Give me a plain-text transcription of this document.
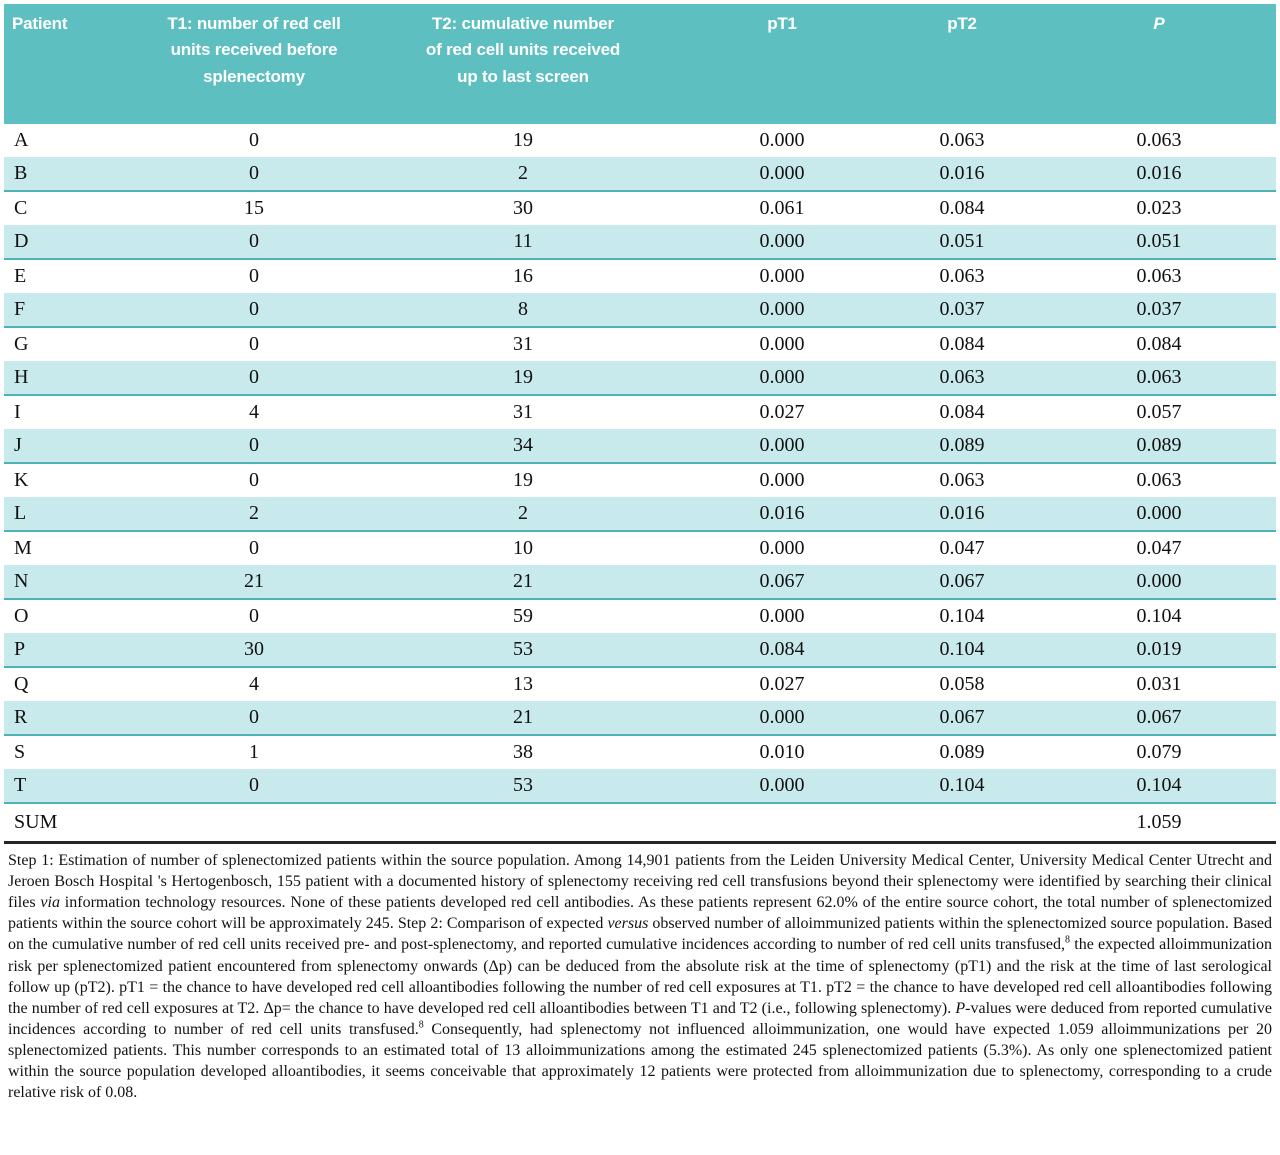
Patient	T1: number of red cell units received before splenectomy	T2: cumulative number of red cell units received up to last screen	pT1	pT2	P

A	0	19	0.000	0.063	0.063
B	0	2	0.000	0.016	0.016
C	15	30	0.061	0.084	0.023
D	0	11	0.000	0.051	0.051
E	0	16	0.000	0.063	0.063
F	0	8	0.000	0.037	0.037
G	0	31	0.000	0.084	0.084
H	0	19	0.000	0.063	0.063
I	4	31	0.027	0.084	0.057
J	0	34	0.000	0.089	0.089
K	0	19	0.000	0.063	0.063
L	2	2	0.016	0.016	0.000
M	0	10	0.000	0.047	0.047
N	21	21	0.067	0.067	0.000
O	0	59	0.000	0.104	0.104
P	30	53	0.084	0.104	0.019
Q	4	13	0.027	0.058	0.031
R	0	21	0.000	0.067	0.067
S	1	38	0.010	0.089	0.079
T	0	53	0.000	0.104	0.104
SUM					1.059
Step 1: Estimation of number of splenectomized patients within the source population. Among 14,901 patients from the Leiden University Medical Center, University Medical Center Utrecht and Jeroen Bosch Hospital 's Hertogenbosch, 155 patient with a documented history of splenectomy receiving red cell transfusions beyond their splenectomy were identified by searching their clinical files via information technology resources. None of these patients developed red cell antibodies. As these patients represent 62.0% of the entire source cohort, the total number of splenectomized patients within the source cohort will be approximately 245. Step 2: Comparison of expected versus observed number of alloimmunized patients within the splenectomized source population. Based on the cumulative number of red cell units received pre- and post-splenectomy, and reported cumulative incidences according to number of red cell units transfused,$^8$ the expected alloimmunization risk per splenectomized patient encountered from splenectomy onwards (Δp) can be deduced from the absolute risk at the time of splenectomy (pT1) and the risk at the time of last serological follow up (pT2). pT1 = the chance to have developed red cell alloantibodies following the number of red cell exposures at T1. pT2 = the chance to have developed red cell alloantibodies following the number of red cell exposures at T2. Δp= the chance to have developed red cell alloantibodies between T1 and T2 (i.e., following splenectomy). P-values were deduced from reported cumulative incidences according to number of red cell units transfused.$^8$ Consequently, had splenectomy not influenced alloimmunization, one would have expected 1.059 alloimmunizations per 20 splenectomized patients. This number corresponds to an estimated total of 13 alloimmunizations among the estimated 245 splenectomized patients (5.3%). As only one splenectomized patient within the source population developed alloantibodies, it seems conceivable that approximately 12 patients were protected from alloimmunization due to splenectomy, corresponding to a crude relative risk of 0.08.
